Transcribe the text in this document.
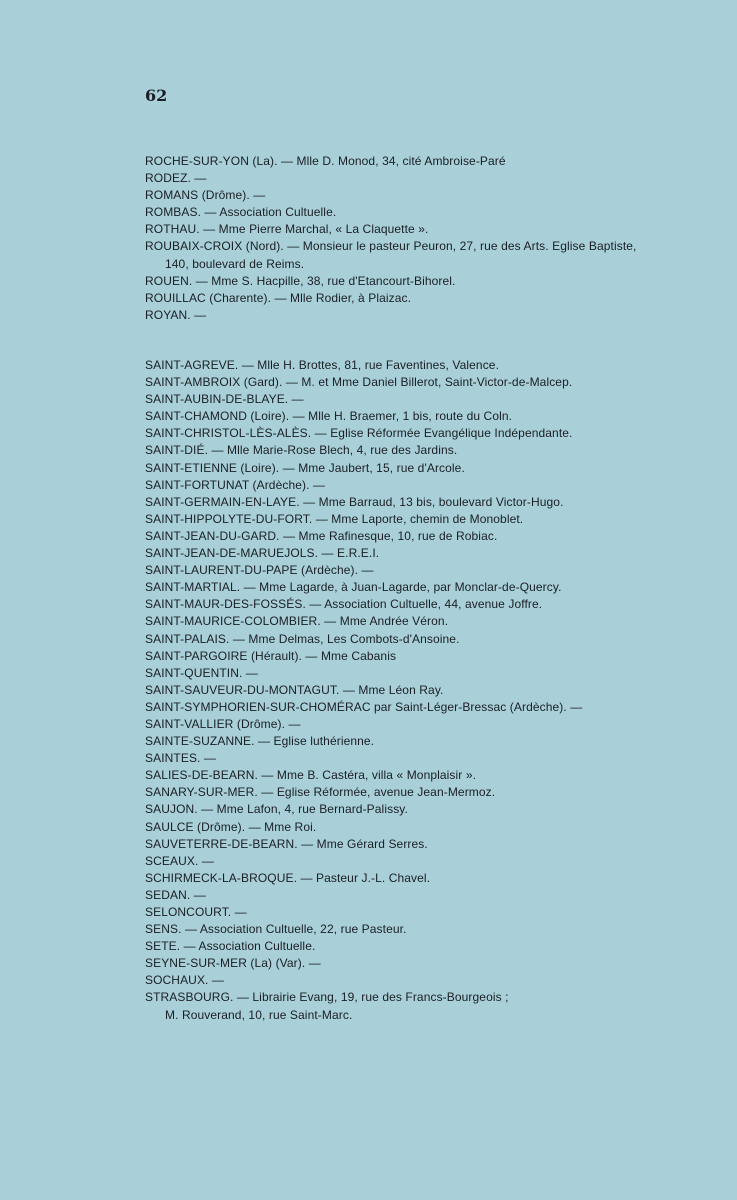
62

ROCHE-SUR-YON (La). — Mlle D. Monod, 34, cité Ambroise-Paré

RODEZ. —

ROMANS (Drôme). —

ROMBAS. — Association Cultuelle.

ROTHAU. — Mme Pierre Marchal, « La Claquette ».

ROUBAIX-CROIX (Nord). — Monsieur le pasteur Peuron, 27, rue des Arts. Eglise Baptiste,

140, boulevard de Reims.

ROUEN. — Mme S. Hacpille, 38, rue d'Etancourt-Bihorel.

ROUILLAC (Charente). — Mlle Rodier, à Plaizac.

ROYAN. —

SAINT-AGREVE. — Mlle H. Brottes, 81, rue Faventines, Valence.

SAINT-AMBROIX (Gard). — M. et Mme Daniel Billerot, Saint-Victor-de-Malcep.

SAINT-AUBIN-DE-BLAYE. —

SAINT-CHAMOND (Loire). — Mlle H. Braemer, 1 bis, route du Coln.

SAINT-CHRISTOL-LÈS-ALÈS. — Eglise Réformée Evangélique Indépendante.

SAINT-DIÉ. — Mlle Marie-Rose Blech, 4, rue des Jardins.

SAINT-ETIENNE (Loire). — Mme Jaubert, 15, rue d'Arcole.

SAINT-FORTUNAT (Ardèche). —

SAINT-GERMAIN-EN-LAYE. — Mme Barraud, 13 bis, boulevard Victor-Hugo.

SAINT-HIPPOLYTE-DU-FORT. — Mme Laporte, chemin de Monoblet.

SAINT-JEAN-DU-GARD. — Mme Rafinesque, 10, rue de Robiac.

SAINT-JEAN-DE-MARUEJOLS. — E.R.E.I.

SAINT-LAURENT-DU-PAPE (Ardèche). —

SAINT-MARTIAL. — Mme Lagarde, à Juan-Lagarde, par Monclar-de-Quercy.

SAINT-MAUR-DES-FOSSÉS. — Association Cultuelle, 44, avenue Joffre.

SAINT-MAURICE-COLOMBIER. — Mme Andrée Véron.

SAINT-PALAIS. — Mme Delmas, Les Combots-d'Ansoine.

SAINT-PARGOIRE (Hérault). — Mme Cabanis

SAINT-QUENTIN. —

SAINT-SAUVEUR-DU-MONTAGUT. — Mme Léon Ray.

SAINT-SYMPHORIEN-SUR-CHOMÉRAC par Saint-Léger-Bressac (Ardèche). —

SAINT-VALLIER (Drôme). —

SAINTE-SUZANNE. — Eglise luthérienne.

SAINTES. —

SALIES-DE-BEARN. — Mme B. Castéra, villa « Monplaisir ».

SANARY-SUR-MER. — Eglise Réformée, avenue Jean-Mermoz.

SAUJON. — Mme Lafon, 4, rue Bernard-Palissy.

SAULCE (Drôme). — Mme Roi.

SAUVETERRE-DE-BEARN. — Mme Gérard Serres.

SCEAUX. —

SCHIRMECK-LA-BROQUE. — Pasteur J.-L. Chavel.

SEDAN. —

SELONCOURT. —

SENS. — Association Cultuelle, 22, rue Pasteur.

SETE. — Association Cultuelle.

SEYNE-SUR-MER (La) (Var). —

SOCHAUX. —

STRASBOURG. — Librairie Evang, 19, rue des Francs-Bourgeois ;

M. Rouverand, 10, rue Saint-Marc.
